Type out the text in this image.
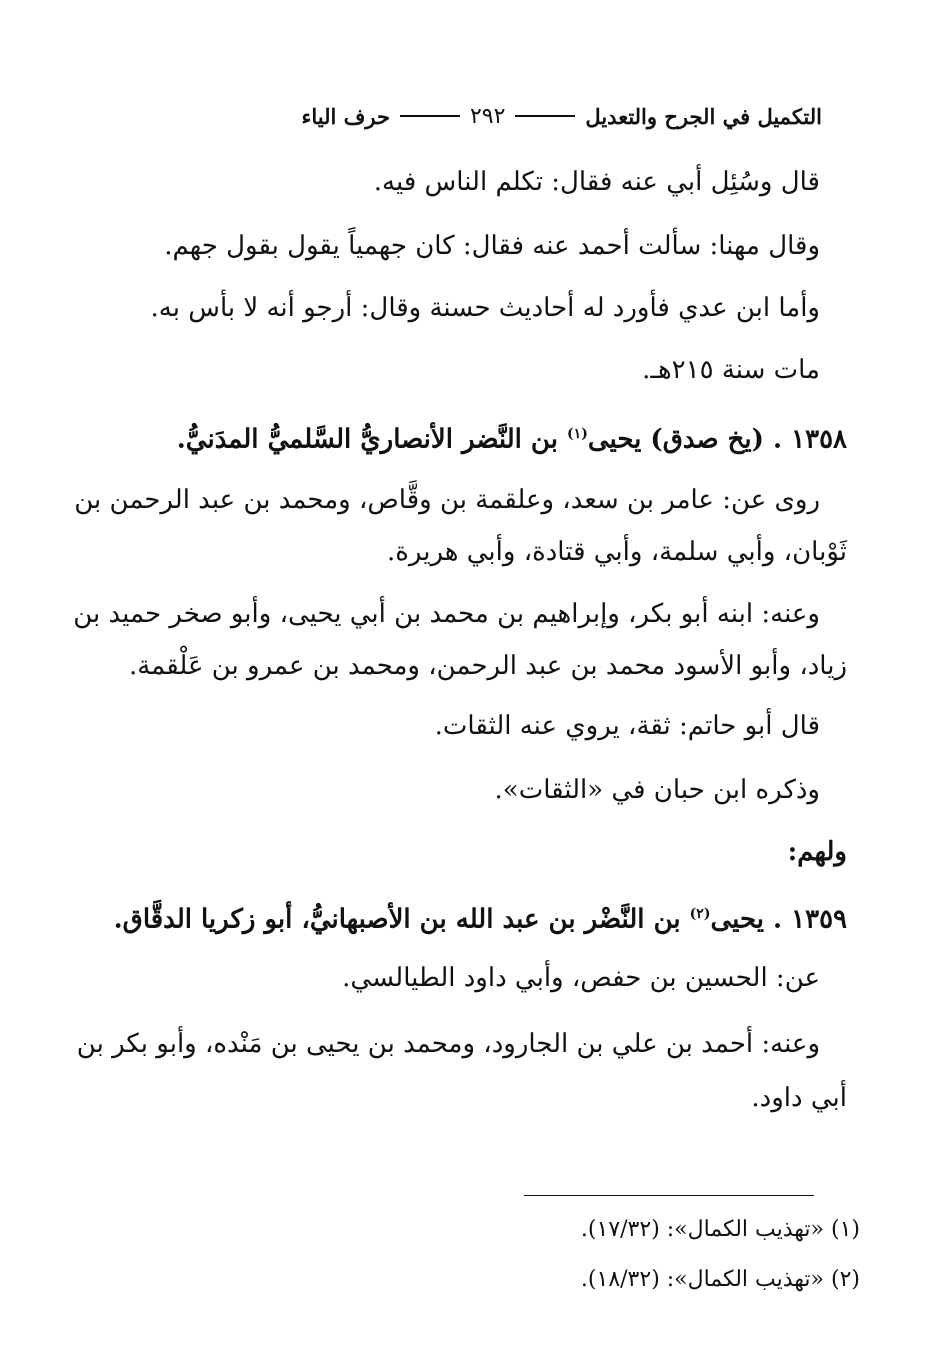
التكميل في الجرح والتعديل
٢٩٢
حرف الياء
قال وسُئِل أبي عنه فقال: تكلم الناس فيه.
وقال مهنا: سألت أحمد عنه فقال: كان جهمياً يقول بقول جهم.
وأما ابن عدي فأورد له أحاديث حسنة وقال: أرجو أنه لا بأس به.
مات سنة ٢١٥هـ.
١٣٥٨ . (يخ صدق) يحيى$^{(١)}$ بن النَّضر الأنصاريُّ السَّلميُّ المدَنيُّ.
روى عن: عامر بن سعد، وعلقمة بن وقَّاص، ومحمد بن عبد الرحمن بن
ثَوْبان، وأبي سلمة، وأبي قتادة، وأبي هريرة.
وعنه: ابنه أبو بكر، وإبراهيم بن محمد بن أبي يحيى، وأبو صخر حميد بن
زياد، وأبو الأسود محمد بن عبد الرحمن، ومحمد بن عمرو بن عَلْقمة.
قال أبو حاتم: ثقة، يروي عنه الثقات.
وذكره ابن حبان في «الثقات».
ولهم:
١٣٥٩ . يحيى$^{(٢)}$ بن النَّضْر بن عبد الله بن الأصبهانيُّ، أبو زكريا الدقَّاق.
عن: الحسين بن حفص، وأبي داود الطيالسي.
وعنه: أحمد بن علي بن الجارود، ومحمد بن يحيى بن مَنْده، وأبو بكر بن
أبي داود.
(١) «تهذيب الكمال»: (١٧/٣٢).
(٢) «تهذيب الكمال»: (١٨/٣٢).
